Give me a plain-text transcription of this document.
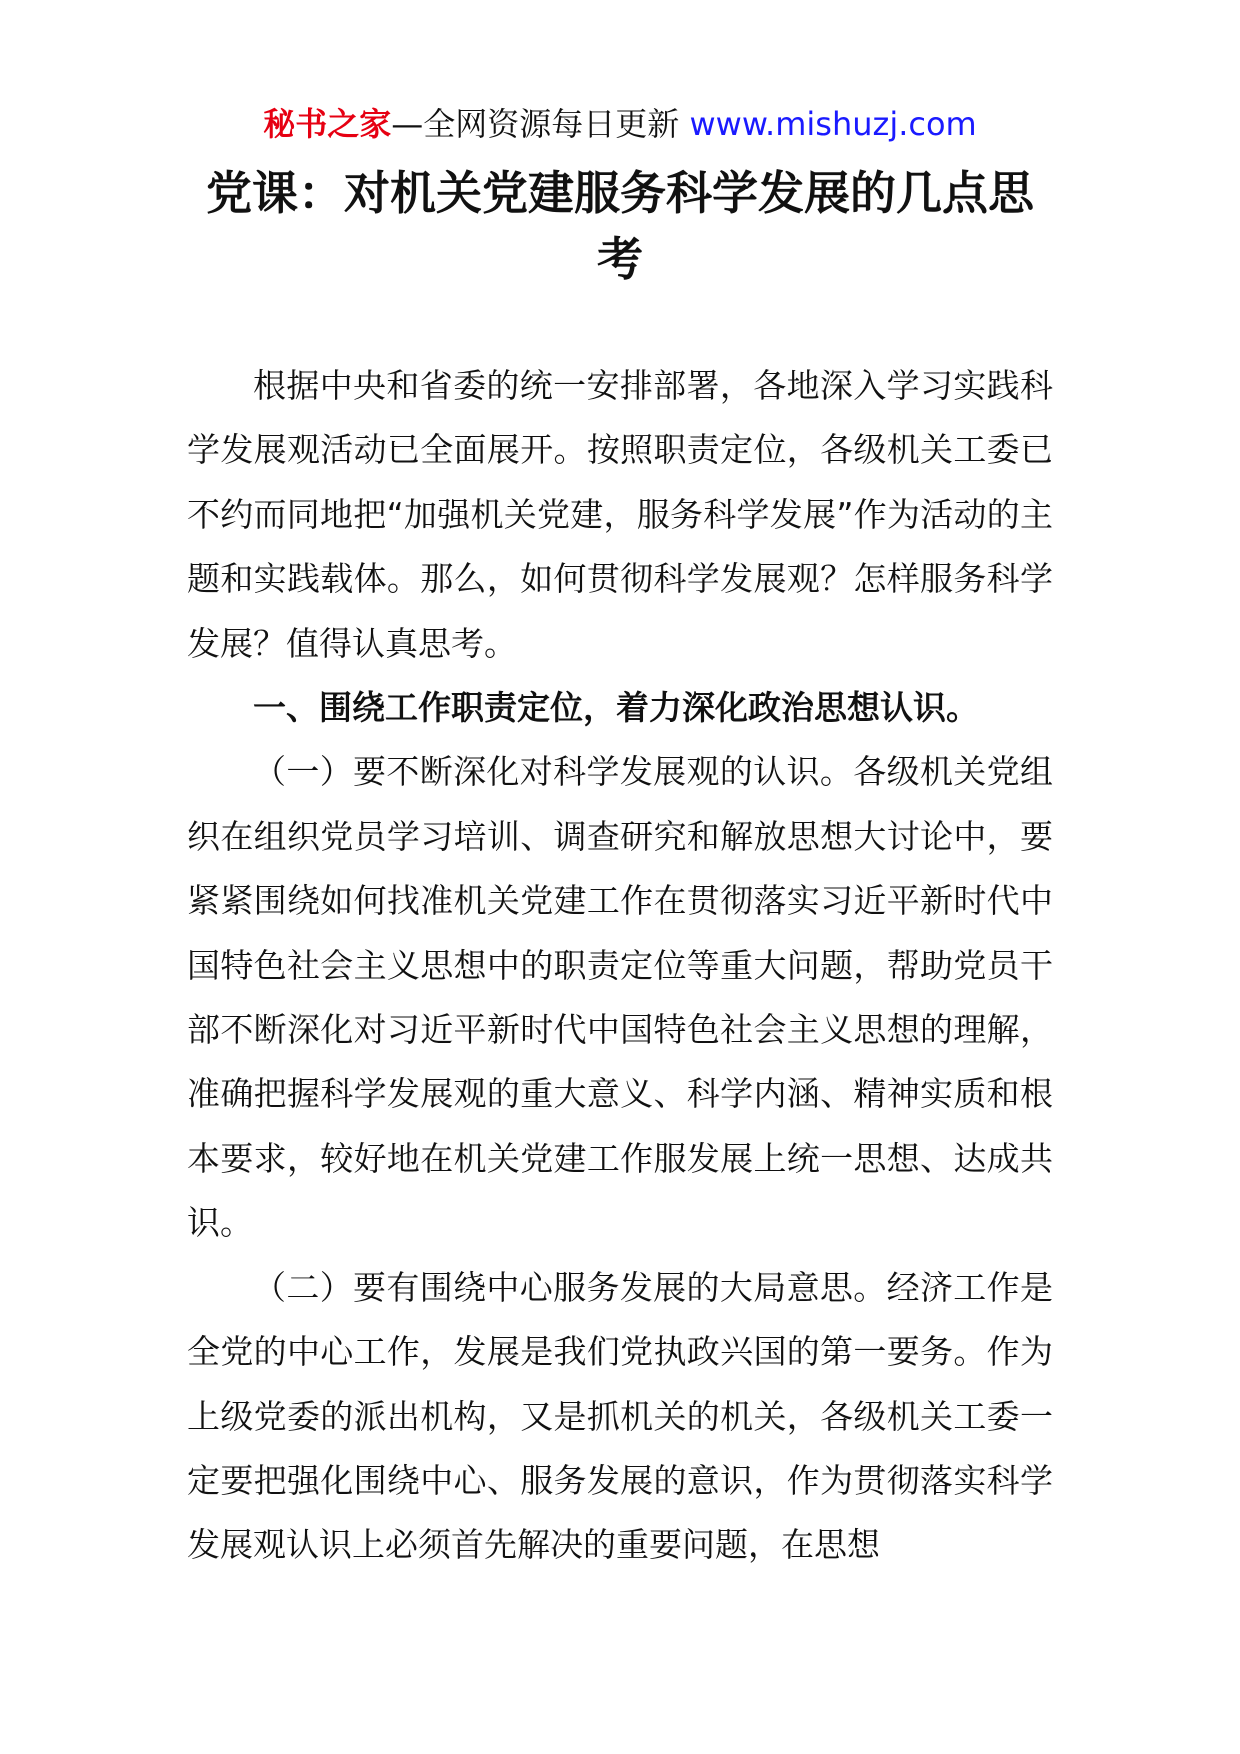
秘书之家—全网资源每日更新 www.mishuzj.com
党课：对机关党建服务科学发展的几点思考

根据中央和省委的统一安排部署，各地深入学习实践科学发展观活动已全面展开。按照职责定位，各级机关工委已不约而同地把“加强机关党建，服务科学发展”作为活动的主题和实践载体。那么，如何贯彻科学发展观？怎样服务科学发展？值得认真思考。

一、围绕工作职责定位，着力深化政治思想认识。

（一）要不断深化对科学发展观的认识。各级机关党组织在组织党员学习培训、调查研究和解放思想大讨论中，要紧紧围绕如何找准机关党建工作在贯彻落实习近平新时代中国特色社会主义思想中的职责定位等重大问题，帮助党员干部不断深化对习近平新时代中国特色社会主义思想的理解，准确把握科学发展观的重大意义、科学内涵、精神实质和根本要求，较好地在机关党建工作服发展上统一思想、达成共识。

（二）要有围绕中心服务发展的大局意思。经济工作是全党的中心工作，发展是我们党执政兴国的第一要务。作为上级党委的派出机构，又是抓机关的机关，各级机关工委一定要把强化围绕中心、服务发展的意识，作为贯彻落实科学发展观认识上必须首先解决的重要问题，在思想
